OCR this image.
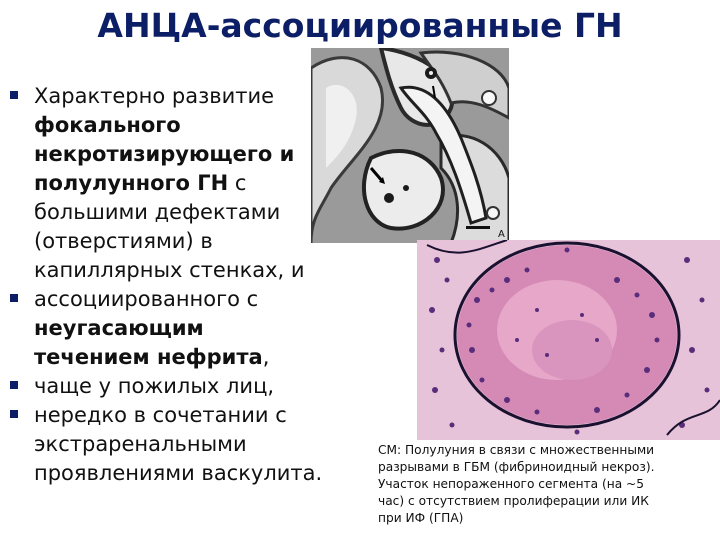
АНЦА-ассоциированные ГН
Характерно развитие
фокального
некротизирующего и
полулунного ГН с
большими дефектами
(отверстиями) в
капиллярных стенках, и
ассоциированного с
неугасающим
течением нефрита,
чаще у пожилых лиц,
нередко в сочетании с
экстраренальными
проявлениями васкулита.
A
СМ: Полулуния в связи с множественными
разрывами в ГБМ (фибриноидный некроз).
Участок непораженного сегмента (на ~5
час) с отсутствием пролиферации или ИК
при ИФ (ГПА)
